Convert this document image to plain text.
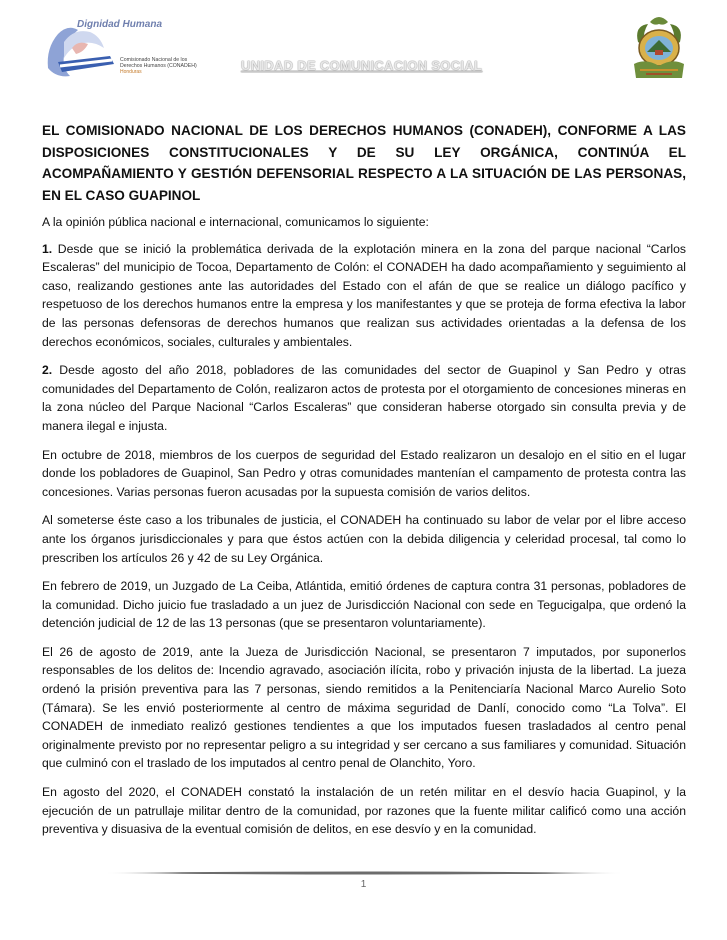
Dignidad Humana
Comisionado Nacional de los
Derechos Humanos (CONADEH)
Honduras	UNIDAD DE COMUNICACION SOCIAL
EL COMISIONADO NACIONAL DE LOS DERECHOS HUMANOS (CONADEH), CONFORME A LAS DISPOSICIONES CONSTITUCIONALES Y DE SU LEY ORGÁNICA, CONTINÚA EL ACOMPAÑAMIENTO Y GESTIÓN DEFENSORIAL RESPECTO A LA SITUACIÓN DE LAS PERSONAS, EN EL CASO GUAPINOL

A la opinión pública nacional e internacional, comunicamos lo siguiente:

1. Desde que se inició la problemática derivada de la explotación minera en la zona del parque nacional “Carlos Escaleras” del municipio de Tocoa, Departamento de Colón: el CONADEH ha dado acompañamiento y seguimiento al caso, realizando gestiones ante las autoridades del Estado con el afán de que se realice un diálogo pacífico y respetuoso de los derechos humanos entre la empresa y los manifestantes y que se proteja de forma efectiva la labor de las personas defensoras de derechos humanos que realizan sus actividades orientadas a la defensa de los derechos económicos, sociales, culturales y ambientales.

2. Desde agosto del año 2018, pobladores de las comunidades del sector de Guapinol y San Pedro y otras comunidades del Departamento de Colón, realizaron actos de protesta por el otorgamiento de concesiones mineras en la zona núcleo del Parque Nacional “Carlos Escaleras” que consideran haberse otorgado sin consulta previa y de manera ilegal e injusta.

En octubre de 2018, miembros de los cuerpos de seguridad del Estado realizaron un desalojo en el sitio en el lugar donde los pobladores de Guapinol, San Pedro y otras comunidades mantenían el campamento de protesta contra las concesiones. Varias personas fueron acusadas por la supuesta comisión de varios delitos.

Al someterse éste caso a los tribunales de justicia, el CONADEH ha continuado su labor de velar por el libre acceso ante los órganos jurisdiccionales y para que éstos actúen con la debida diligencia y celeridad procesal, tal como lo prescriben los artículos 26 y 42 de su Ley Orgánica.

En febrero de 2019, un Juzgado de La Ceiba, Atlántida, emitió órdenes de captura contra 31 personas, pobladores de la comunidad. Dicho juicio fue trasladado a un juez de Jurisdicción Nacional con sede en Tegucigalpa, que ordenó la detención judicial de 12 de las 13 personas (que se presentaron voluntariamente).

El 26 de agosto de 2019, ante la Jueza de Jurisdicción Nacional, se presentaron 7 imputados, por suponerlos responsables de los delitos de: Incendio agravado, asociación ilícita, robo y privación injusta de la libertad. La jueza ordenó la prisión preventiva para las 7 personas, siendo remitidos a la Penitenciaría Nacional Marco Aurelio Soto (Támara). Se les envió posteriormente al centro de máxima seguridad de Danlí, conocido como “La Tolva”. El CONADEH de inmediato realizó gestiones tendientes a que los imputados fuesen trasladados al centro penal originalmente previsto por no representar peligro a su integridad y ser cercano a sus familiares y comunidad. Situación que culminó con el traslado de los imputados al centro penal de Olanchito, Yoro.

En agosto del 2020, el CONADEH constató la instalación de un retén militar en el desvío hacia Guapinol, y la ejecución de un patrullaje militar dentro de la comunidad, por razones que la fuente militar calificó como una acción preventiva y disuasiva de la eventual comisión de delitos, en ese desvío y en la comunidad.

1
